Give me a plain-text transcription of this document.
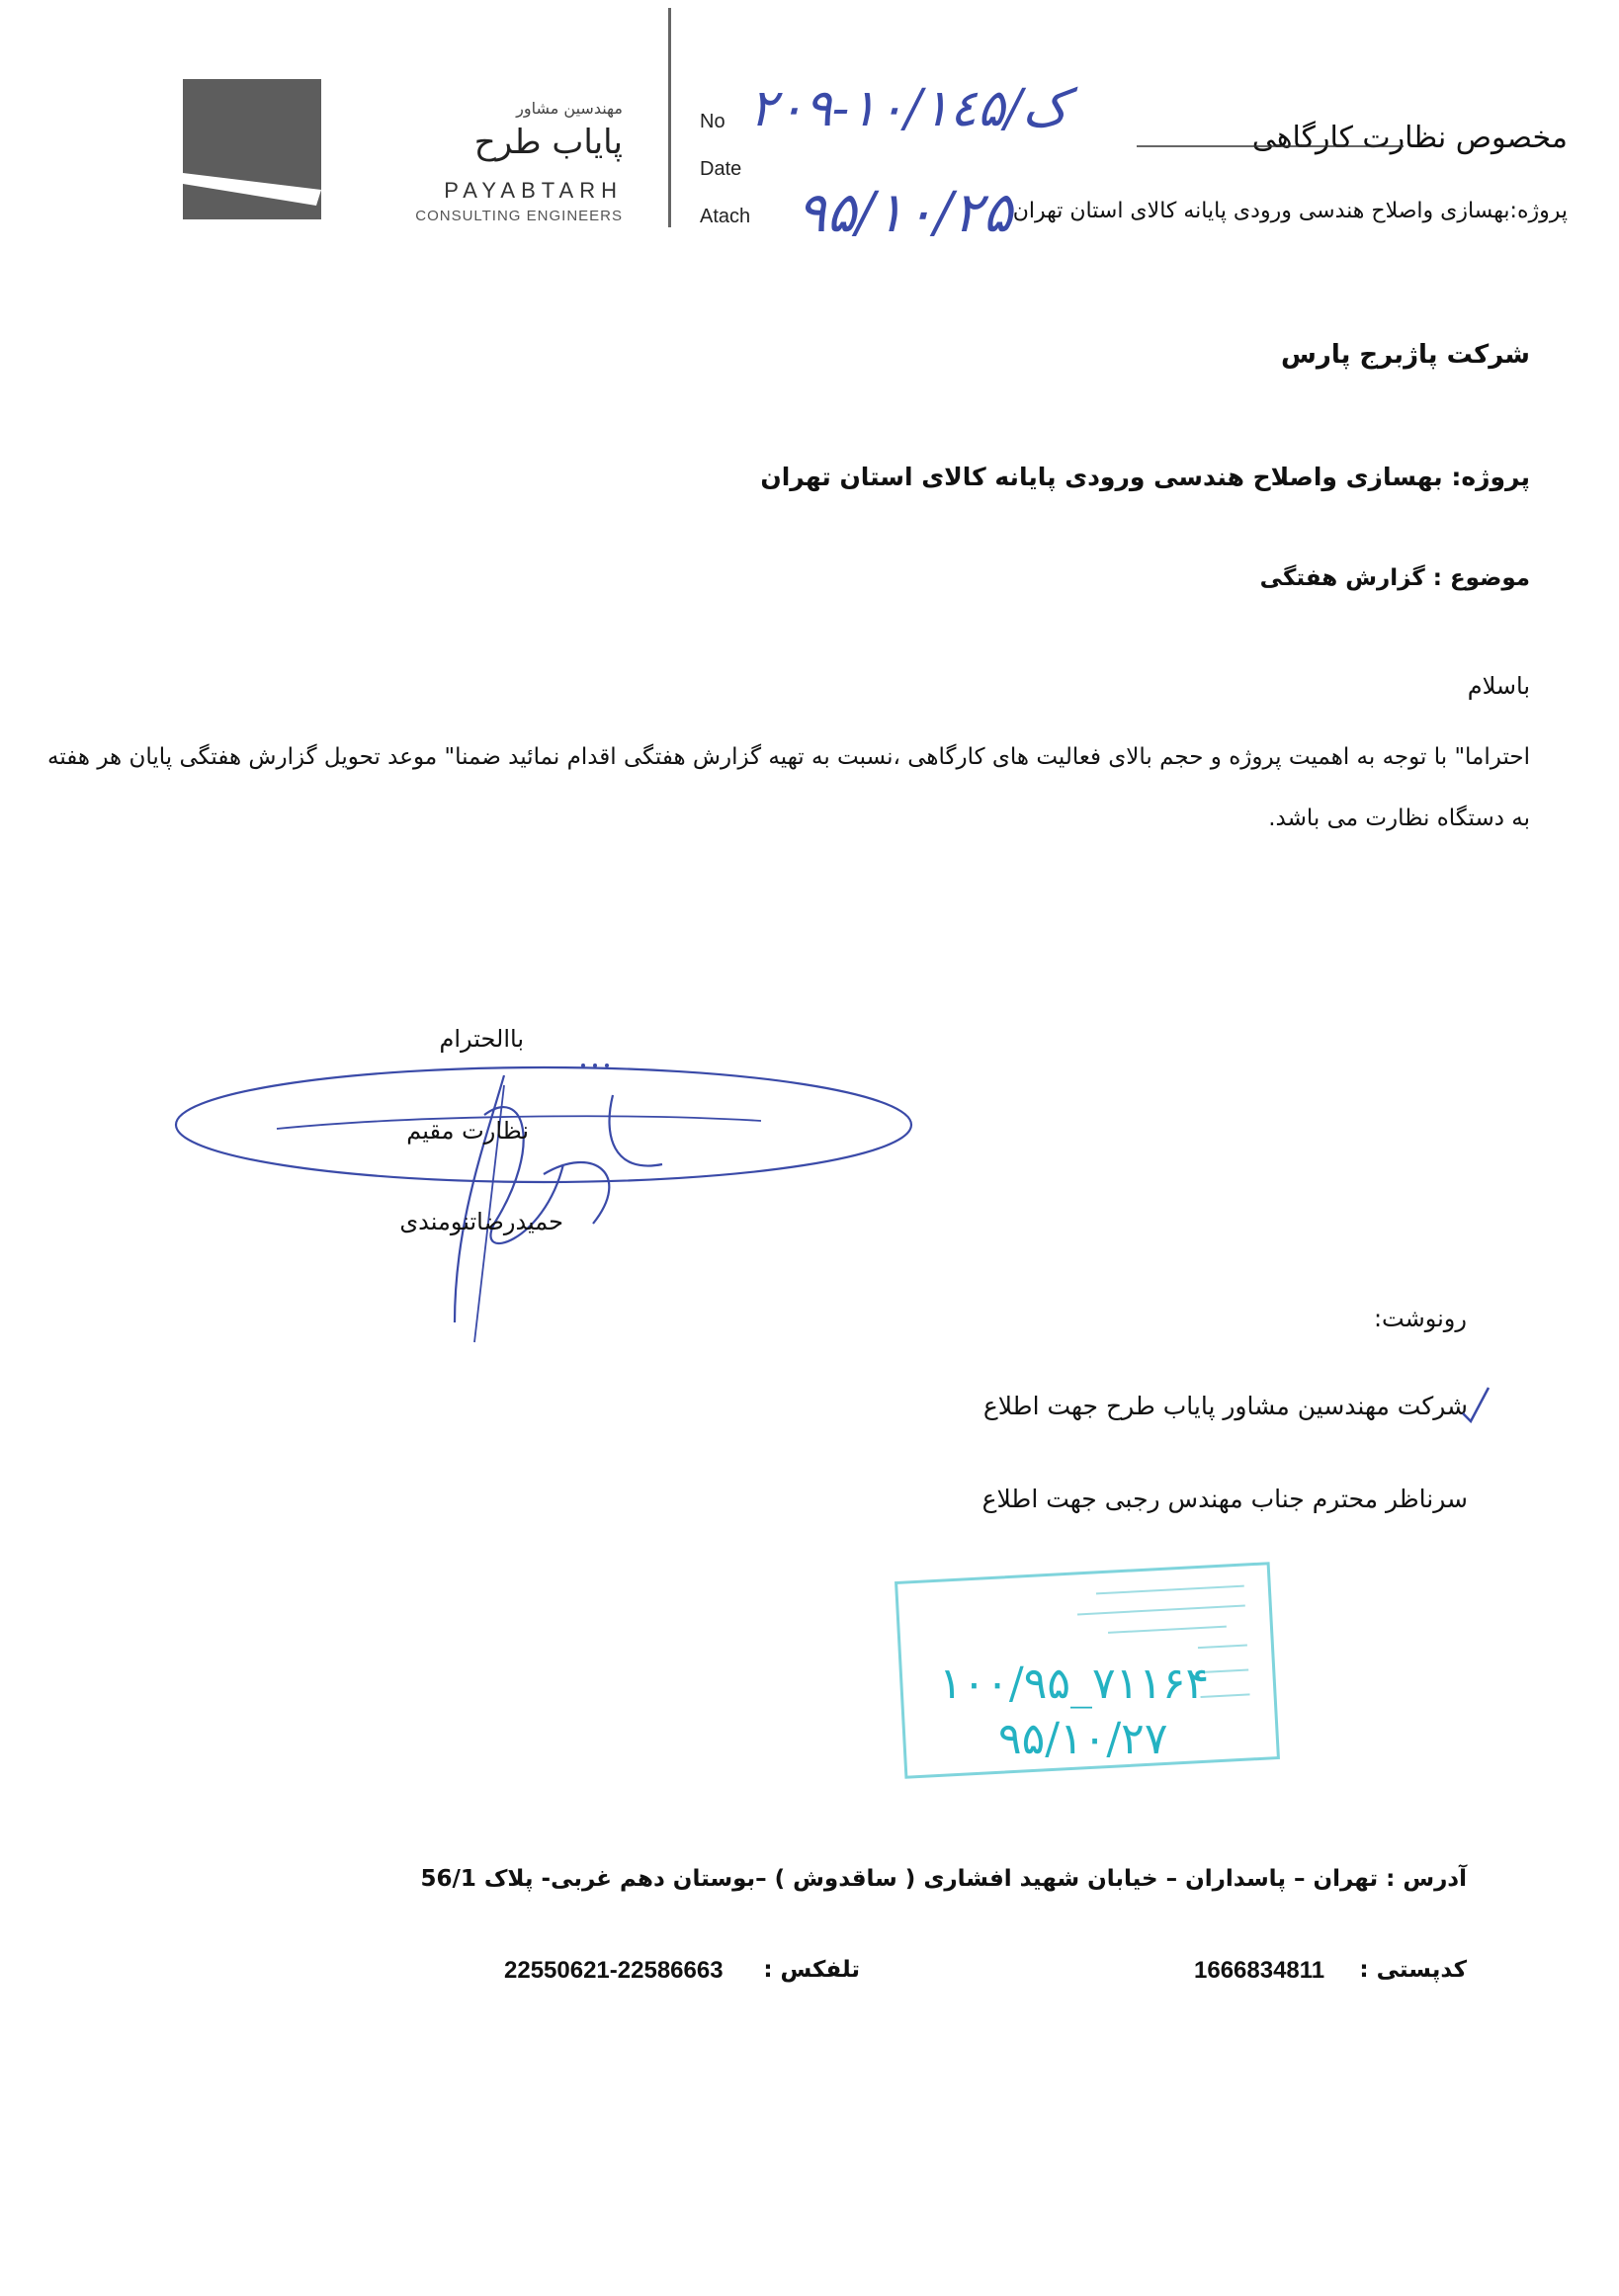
مهندسین مشاور
پایاب طرح
PAYABTARH
CONSULTING ENGINEERS
No
Date
Atach
۲۰۹-۱۰/ک/۱٤۵
۹۵/۱۰/۲۵
مخصوص نظارت کارگاهی
پروژه:بهسازی واصلاح هندسی ورودی پایانه کالای استان تهران
شرکت پاژبرج پارس
پروژه: بهسازی واصلاح هندسی ورودی پایانه کالای استان تهران
موضوع : گزارش هفتگی
باسلام
احتراما" با توجه به اهمیت پروژه و حجم بالای فعالیت های کارگاهی ،نسبت به تهیه گزارش هفتگی اقدام نمائید ضمنا" موعد تحویل گزارش هفتگی پایان هر هفته به دستگاه نظارت می باشد.
باالحترام
نظارت مقیم
حمیدرضاتنومندی
رونوشت:
شرکت مهندسین مشاور پایاب طرح جهت اطلاع
سرناظر محترم جناب مهندس رجبی جهت اطلاع
۱۰۰/۹۵_۷۱۱۶۴
۹۵/۱۰/۲۷
آدرس : تهران – پاسداران – خیابان شهید افشاری ( ساقدوش ) –بوستان دهم غربی- پلاک 56/1
کدپستی :
1666834811
تلفکس :
22550621-22586663
